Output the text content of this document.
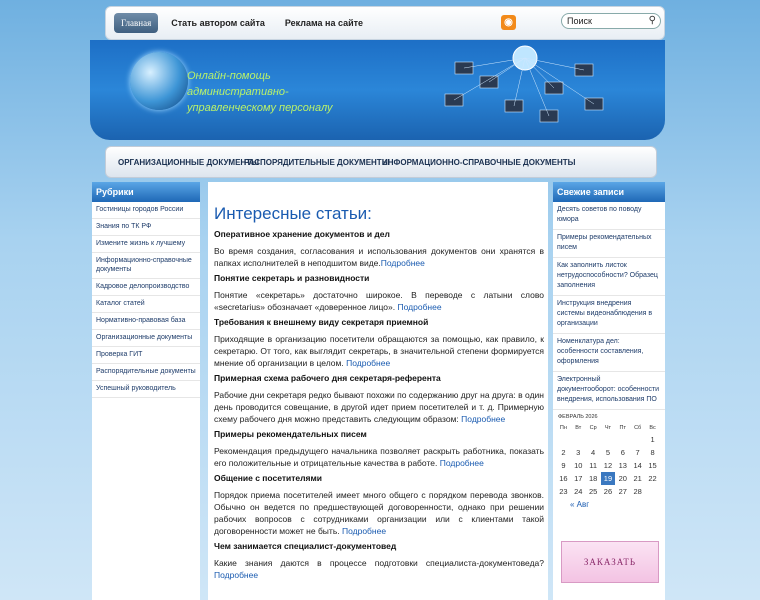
Главная	Стать автором сайта	Реклама на сайте	◉	Поиск	⚲
Онлайн-помощь административно-управленческому персоналу
ОРГАНИЗАЦИОННЫЕ ДОКУМЕНТЫ
РАСПОРЯДИТЕЛЬНЫЕ ДОКУМЕНТЫ
ИНФОРМАЦИОННО-СПРАВОЧНЫЕ ДОКУМЕНТЫ
Рубрики
Гостиницы городов России
Знания по ТК РФ
Измените жизнь к лучшему
Информационно-справочные документы
Кадровое делопроизводство
Каталог статей
Нормативно-правовая база
Организационные документы
Проверка ГИТ
Распорядительные документы
Успешный руководитель
Интересные статьи:
Оперативное хранение документов и дел

Во время создания, согласования и использования документов они хранятся в папках исполнителей в неподшитом виде.Подробнее

Понятие секретарь и разновидности

Понятие «секретарь» достаточно широкое. В переводе с латыни слово «secretarius» обозначает «доверенное лицо». Подробнее

Требования к внешнему виду секретаря приемной

Приходящие в организацию посетители обращаются за помощью, как правило, к секретарю. От того, как выглядит секретарь, в значительной степени формируется мнение об организации в целом. Подробнее

Примерная схема рабочего дня секретаря-референта

Рабочие дни секретаря редко бывают похожи по содержанию друг на друга: в один день проводится совещание, в другой идет прием посетителей и т. д. Примерную схему рабочего дня можно представить следующим образом: Подробнее

Примеры рекомендательных писем

Рекомендация предыдущего начальника позволяет раскрыть работника, показать его положительные и отрицательные качества в работе. Подробнее

Общение с посетителями

Порядок приема посетителей имеет много общего с порядком перевода звонков. Обычно он ведется по предшествующей договоренности, однако при решении рабочих вопросов с сотрудниками организации или с клиентами такой договоренности может не быть. Подробнее

Чем занимается специалист-документовед

Какие знания даются в процессе подготовки специалиста-документоведа? Подробнее

Свежие записи
Десять советов по поводу юмора
Примеры рекомендательных писем
Как заполнить листок нетрудоспособности? Образец заполнения
Инструкция внедрения системы видеонаблюдения в организации
Номенклатура дел: особенности составления, оформления
Электронный документооборот: особенности внедрения, использования ПО
ФЕВРАЛЬ 2026
Пн	Вт	Ср	Чт	Пт	Сб	Вс
						1
2	3	4	5	6	7	8
9	10	11	12	13	14	15
16	17	18	19	20	21	22
23	24	25	26	27	28	
« Авг
ЗАКАЗАТЬ
